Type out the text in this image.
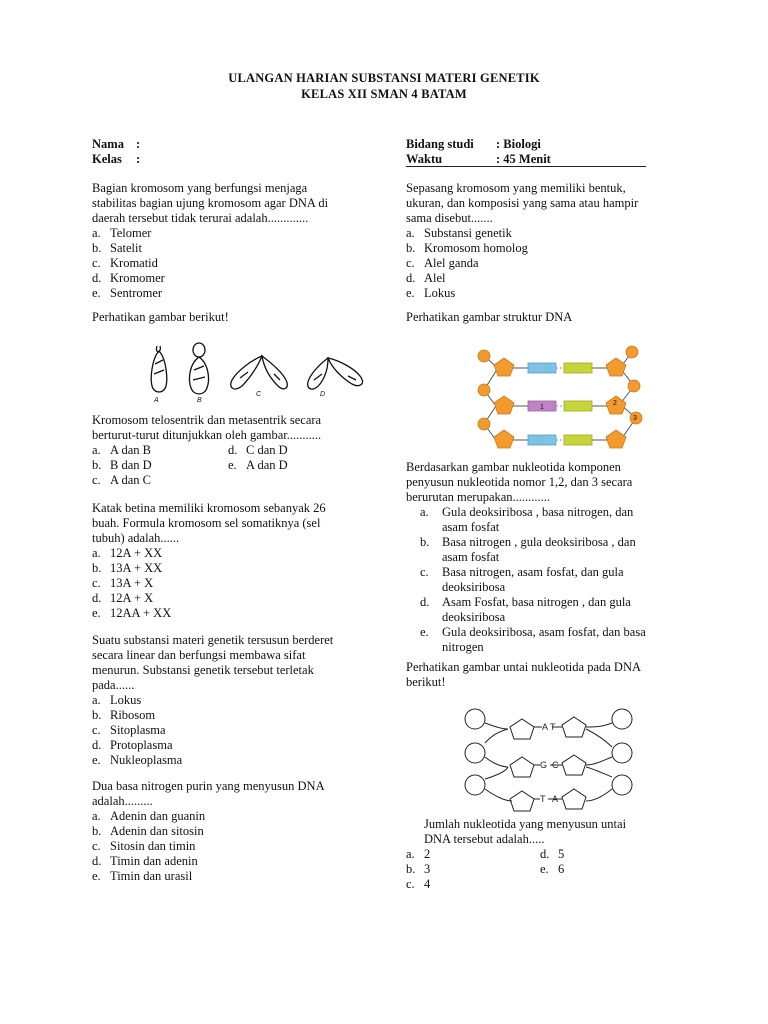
ULANGAN HARIAN SUBSTANSI MATERI GENETIK
KELAS XII SMAN 4 BATAM
Nama :
Kelas :
Bidang studi : Biologi
Waktu	: 45 Menit

Bagian kromosom yang berfungsi menjaga

stabilitas bagian ujung kromosom agar DNA di

daerah tersebut tidak terurai adalah.............

a. Telomer
b. Satelit
c. Kromatid
d. Kromomer
e. Sentromer

Perhatikan gambar berikut!

A	B
C	D

Kromosom telosentrik dan metasentrik secara

berturut-turut ditunjukkan oleh gambar...........

a. A dan B	d. C dan D
b. B dan D	e. A dan D
c. A dan C

Katak betina memiliki kromosom sebanyak 26

buah. Formula kromosom sel somatiknya (sel

tubuh) adalah......

a. 12A + XX
b. 13A + XX
c. 13A + X
d. 12A + X
e. 12AA + XX

Suatu substansi materi genetik tersusun berderet

secara linear dan berfungsi membawa sifat

menurun. Substansi genetik tersebut terletak

pada......

a. Lokus
b. Ribosom
c. Sitoplasma
d. Protoplasma
e. Nukleoplasma

Dua basa nitrogen purin yang menyusun DNA

adalah.........

a. Adenin dan guanin
b. Adenin dan sitosin
c. Sitosin dan timin
d. Timin dan adenin
e. Timin dan urasil

Sepasang kromosom yang memiliki bentuk,

ukuran, dan komposisi yang sama atau hampir

sama disebut.......

a. Substansi genetik
b. Kromosom homolog
c. Alel ganda
d. Alel
e. Lokus

Perhatikan gambar struktur DNA

1
2
3

Berdasarkan gambar nukleotida komponen

penyusun nukleotida nomor 1,2, dan 3 secara

berurutan merupakan............

a.	Gula deoksiribosa , basa nitrogen, dan
asam fosfat
b.	Basa nitrogen , gula deoksiribosa , dan
asam fosfat
c.	Basa nitrogen, asam fosfat, dan gula
deoksiribosa
d.	Asam Fosfat, basa nitrogen , dan gula
deoksiribosa
e.	Gula deoksiribosa, asam fosfat, dan basa
nitrogen

Perhatikan gambar untai nukleotida pada DNA

berikut!

A T
G C
T A

Jumlah nukleotida yang menyusun untai

DNA tersebut adalah.....

a. 2	d. 5
b. 3	e. 6
c. 4
